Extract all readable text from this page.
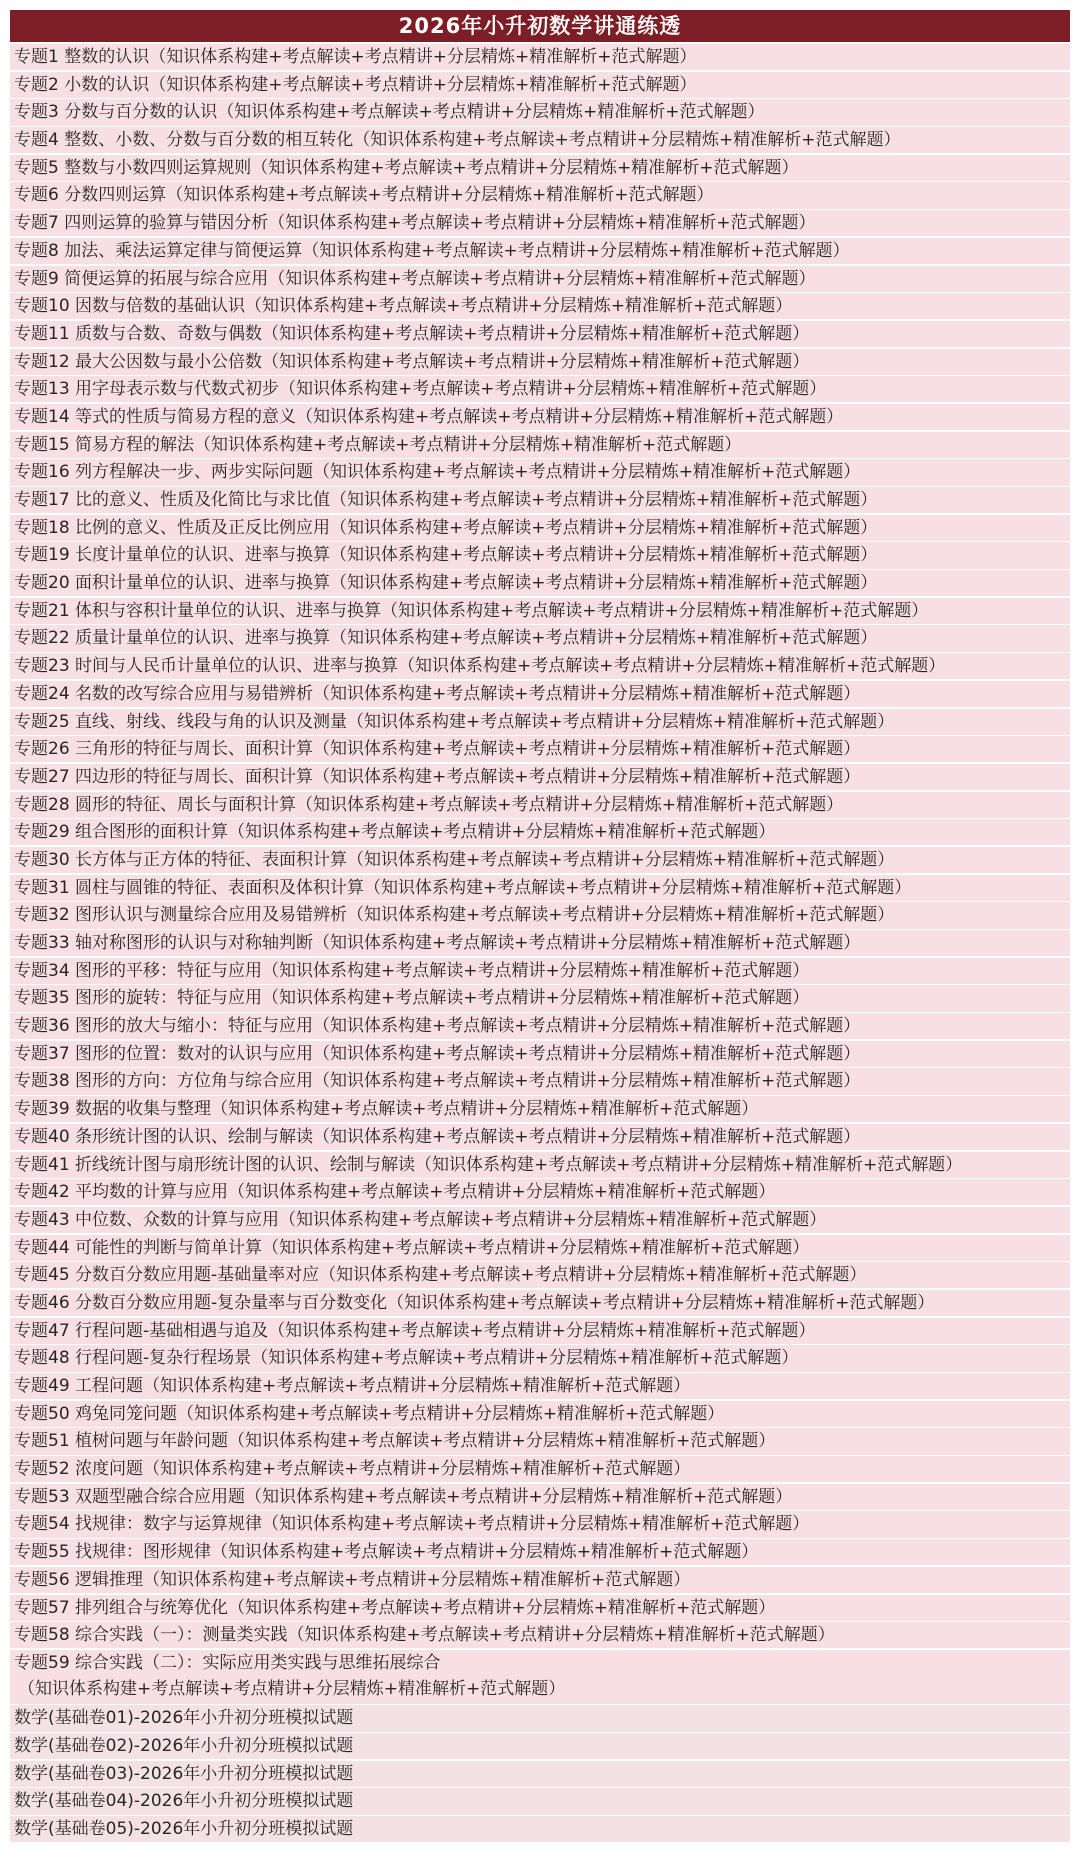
2026年小升初数学讲通练透
专题1 整数的认识（知识体系构建+考点解读+考点精讲+分层精炼+精准解析+范式解题）
专题2 小数的认识（知识体系构建+考点解读+考点精讲+分层精炼+精准解析+范式解题）
专题3 分数与百分数的认识（知识体系构建+考点解读+考点精讲+分层精炼+精准解析+范式解题）
专题4 整数、小数、分数与百分数的相互转化（知识体系构建+考点解读+考点精讲+分层精炼+精准解析+范式解题）
专题5 整数与小数四则运算规则（知识体系构建+考点解读+考点精讲+分层精炼+精准解析+范式解题）
专题6 分数四则运算（知识体系构建+考点解读+考点精讲+分层精炼+精准解析+范式解题）
专题7 四则运算的验算与错因分析（知识体系构建+考点解读+考点精讲+分层精炼+精准解析+范式解题）
专题8 加法、乘法运算定律与简便运算（知识体系构建+考点解读+考点精讲+分层精炼+精准解析+范式解题）
专题9 简便运算的拓展与综合应用（知识体系构建+考点解读+考点精讲+分层精炼+精准解析+范式解题）
专题10 因数与倍数的基础认识（知识体系构建+考点解读+考点精讲+分层精炼+精准解析+范式解题）
专题11 质数与合数、奇数与偶数（知识体系构建+考点解读+考点精讲+分层精炼+精准解析+范式解题）
专题12 最大公因数与最小公倍数（知识体系构建+考点解读+考点精讲+分层精炼+精准解析+范式解题）
专题13 用字母表示数与代数式初步（知识体系构建+考点解读+考点精讲+分层精炼+精准解析+范式解题）
专题14 等式的性质与简易方程的意义（知识体系构建+考点解读+考点精讲+分层精炼+精准解析+范式解题）
专题15 简易方程的解法（知识体系构建+考点解读+考点精讲+分层精炼+精准解析+范式解题）
专题16 列方程解决一步、两步实际问题（知识体系构建+考点解读+考点精讲+分层精炼+精准解析+范式解题）
专题17 比的意义、性质及化简比与求比值（知识体系构建+考点解读+考点精讲+分层精炼+精准解析+范式解题）
专题18 比例的意义、性质及正反比例应用（知识体系构建+考点解读+考点精讲+分层精炼+精准解析+范式解题）
专题19 长度计量单位的认识、进率与换算（知识体系构建+考点解读+考点精讲+分层精炼+精准解析+范式解题）
专题20 面积计量单位的认识、进率与换算（知识体系构建+考点解读+考点精讲+分层精炼+精准解析+范式解题）
专题21 体积与容积计量单位的认识、进率与换算（知识体系构建+考点解读+考点精讲+分层精炼+精准解析+范式解题）
专题22 质量计量单位的认识、进率与换算（知识体系构建+考点解读+考点精讲+分层精炼+精准解析+范式解题）
专题23 时间与人民币计量单位的认识、进率与换算（知识体系构建+考点解读+考点精讲+分层精炼+精准解析+范式解题）
专题24 名数的改写综合应用与易错辨析（知识体系构建+考点解读+考点精讲+分层精炼+精准解析+范式解题）
专题25 直线、射线、线段与角的认识及测量（知识体系构建+考点解读+考点精讲+分层精炼+精准解析+范式解题）
专题26 三角形的特征与周长、面积计算（知识体系构建+考点解读+考点精讲+分层精炼+精准解析+范式解题）
专题27 四边形的特征与周长、面积计算（知识体系构建+考点解读+考点精讲+分层精炼+精准解析+范式解题）
专题28 圆形的特征、周长与面积计算（知识体系构建+考点解读+考点精讲+分层精炼+精准解析+范式解题）
专题29 组合图形的面积计算（知识体系构建+考点解读+考点精讲+分层精炼+精准解析+范式解题）
专题30 长方体与正方体的特征、表面积计算（知识体系构建+考点解读+考点精讲+分层精炼+精准解析+范式解题）
专题31 圆柱与圆锥的特征、表面积及体积计算（知识体系构建+考点解读+考点精讲+分层精炼+精准解析+范式解题）
专题32 图形认识与测量综合应用及易错辨析（知识体系构建+考点解读+考点精讲+分层精炼+精准解析+范式解题）
专题33 轴对称图形的认识与对称轴判断（知识体系构建+考点解读+考点精讲+分层精炼+精准解析+范式解题）
专题34 图形的平移：特征与应用（知识体系构建+考点解读+考点精讲+分层精炼+精准解析+范式解题）
专题35 图形的旋转：特征与应用（知识体系构建+考点解读+考点精讲+分层精炼+精准解析+范式解题）
专题36 图形的放大与缩小：特征与应用（知识体系构建+考点解读+考点精讲+分层精炼+精准解析+范式解题）
专题37 图形的位置：数对的认识与应用（知识体系构建+考点解读+考点精讲+分层精炼+精准解析+范式解题）
专题38 图形的方向：方位角与综合应用（知识体系构建+考点解读+考点精讲+分层精炼+精准解析+范式解题）
专题39 数据的收集与整理（知识体系构建+考点解读+考点精讲+分层精炼+精准解析+范式解题）
专题40 条形统计图的认识、绘制与解读（知识体系构建+考点解读+考点精讲+分层精炼+精准解析+范式解题）
专题41 折线统计图与扇形统计图的认识、绘制与解读（知识体系构建+考点解读+考点精讲+分层精炼+精准解析+范式解题）
专题42 平均数的计算与应用（知识体系构建+考点解读+考点精讲+分层精炼+精准解析+范式解题）
专题43 中位数、众数的计算与应用（知识体系构建+考点解读+考点精讲+分层精炼+精准解析+范式解题）
专题44 可能性的判断与简单计算（知识体系构建+考点解读+考点精讲+分层精炼+精准解析+范式解题）
专题45 分数百分数应用题-基础量率对应（知识体系构建+考点解读+考点精讲+分层精炼+精准解析+范式解题）
专题46 分数百分数应用题-复杂量率与百分数变化（知识体系构建+考点解读+考点精讲+分层精炼+精准解析+范式解题）
专题47 行程问题-基础相遇与追及（知识体系构建+考点解读+考点精讲+分层精炼+精准解析+范式解题）
专题48 行程问题-复杂行程场景（知识体系构建+考点解读+考点精讲+分层精炼+精准解析+范式解题）
专题49 工程问题（知识体系构建+考点解读+考点精讲+分层精炼+精准解析+范式解题）
专题50 鸡兔同笼问题（知识体系构建+考点解读+考点精讲+分层精炼+精准解析+范式解题）
专题51 植树问题与年龄问题（知识体系构建+考点解读+考点精讲+分层精炼+精准解析+范式解题）
专题52 浓度问题（知识体系构建+考点解读+考点精讲+分层精炼+精准解析+范式解题）
专题53 双题型融合综合应用题（知识体系构建+考点解读+考点精讲+分层精炼+精准解析+范式解题）
专题54 找规律：数字与运算规律（知识体系构建+考点解读+考点精讲+分层精炼+精准解析+范式解题）
专题55 找规律：图形规律（知识体系构建+考点解读+考点精讲+分层精炼+精准解析+范式解题）
专题56 逻辑推理（知识体系构建+考点解读+考点精讲+分层精炼+精准解析+范式解题）
专题57 排列组合与统筹优化（知识体系构建+考点解读+考点精讲+分层精炼+精准解析+范式解题）
专题58 综合实践（一）：测量类实践（知识体系构建+考点解读+考点精讲+分层精炼+精准解析+范式解题）
专题59 综合实践（二）：实际应用类实践与思维拓展综合
（知识体系构建+考点解读+考点精讲+分层精炼+精准解析+范式解题）
数学(基础卷01)-2026年小升初分班模拟试题
数学(基础卷02)-2026年小升初分班模拟试题
数学(基础卷03)-2026年小升初分班模拟试题
数学(基础卷04)-2026年小升初分班模拟试题
数学(基础卷05)-2026年小升初分班模拟试题
